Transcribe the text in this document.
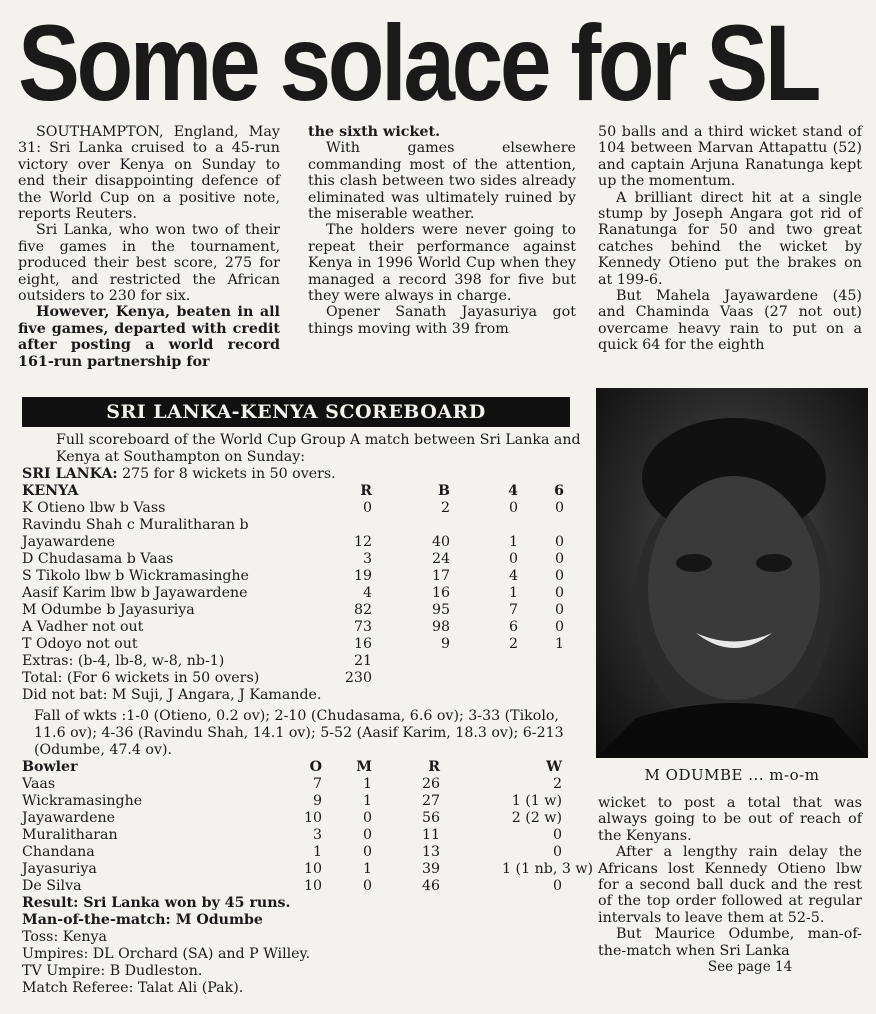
Some solace for SL

SOUTHAMPTON, England, May 31: Sri Lanka cruised to a 45-run victory over Kenya on Sunday to end their disappointing defence of the World Cup on a positive note, reports Reuters.

Sri Lanka, who won two of their five games in the tournament, produced their best score, 275 for eight, and restricted the African outsiders to 230 for six.

However, Kenya, beaten in all five games, departed with credit after posting a world record 161-run partnership for

the sixth wicket.

With games elsewhere commanding most of the attention, this clash between two sides already eliminated was ultimately ruined by the miserable weather.

The holders were never going to repeat their performance against Kenya in 1996 World Cup when they managed a record 398 for five but they were always in charge.

Opener Sanath Jayasuriya got things moving with 39 from

50 balls and a third wicket stand of 104 between Marvan Attapattu (52) and captain Arjuna Ranatunga kept up the momentum.

A brilliant direct hit at a single stump by Joseph Angara got rid of Ranatunga for 50 and two great catches behind the wicket by Kennedy Otieno put the brakes on at 199-6.

But Mahela Jayawardene (45) and Chaminda Vaas (27 not out) overcame heavy rain to put on a quick 64 for the eighth

SRI LANKA-KENYA SCOREBOARD
Full scoreboard of the World Cup Group A match between Sri Lanka and Kenya at Southampton on Sunday:
SRI LANKA: 275 for 8 wickets in 50 overs.
KENYA	R	B	4	6
K Otieno lbw b Vass	0	2	0	0
Ravindu Shah c Muralitharan b
Jayawardene	12	40	1	0
D Chudasama b Vaas	3	24	0	0
S Tikolo lbw b Wickramasinghe	19	17	4	0
Aasif Karim lbw b Jayawardene	4	16	1	0
M Odumbe b Jayasuriya	82	95	7	0
A Vadher not out	73	98	6	0
T Odoyo not out	16	9	2	1
Extras: (b-4, lb-8, w-8, nb-1)	21
Total: (For 6 wickets in 50 overs)	230
Did not bat: M Suji, J Angara, J Kamande.
Fall of wkts :1-0 (Otieno, 0.2 ov); 2-10 (Chudasama, 6.6 ov); 3-33 (Tikolo, 11.6 ov); 4-36 (Ravindu Shah, 14.1 ov); 5-52 (Aasif Karim, 18.3 ov); 6-213 (Odumbe, 47.4 ov).
Bowler	O	M	R	W
Vaas	7	1	26	2
Wickramasinghe	9	1	27	1 (1 w)
Jayawardene	10	0	56	2 (2 w)
Muralitharan	3	0	11	0
Chandana	1	0	13	0
Jayasuriya	10	1	39	1 (1 nb, 3 w)
De Silva	10	0	46	0
Result: Sri Lanka won by 45 runs.
Man-of-the-match: M Odumbe
Toss: Kenya
Umpires: DL Orchard (SA) and P Willey.
TV Umpire: B Dudleston.
Match Referee: Talat Ali (Pak).
M ODUMBE ... m-o-m

wicket to post a total that was always going to be out of reach of the Kenyans.

After a lengthy rain delay the Africans lost Kennedy Otieno lbw for a second ball duck and the rest of the top order followed at regular intervals to leave them at 52-5.

But Maurice Odumbe, man-of-the-match when Sri Lanka

See page 14
